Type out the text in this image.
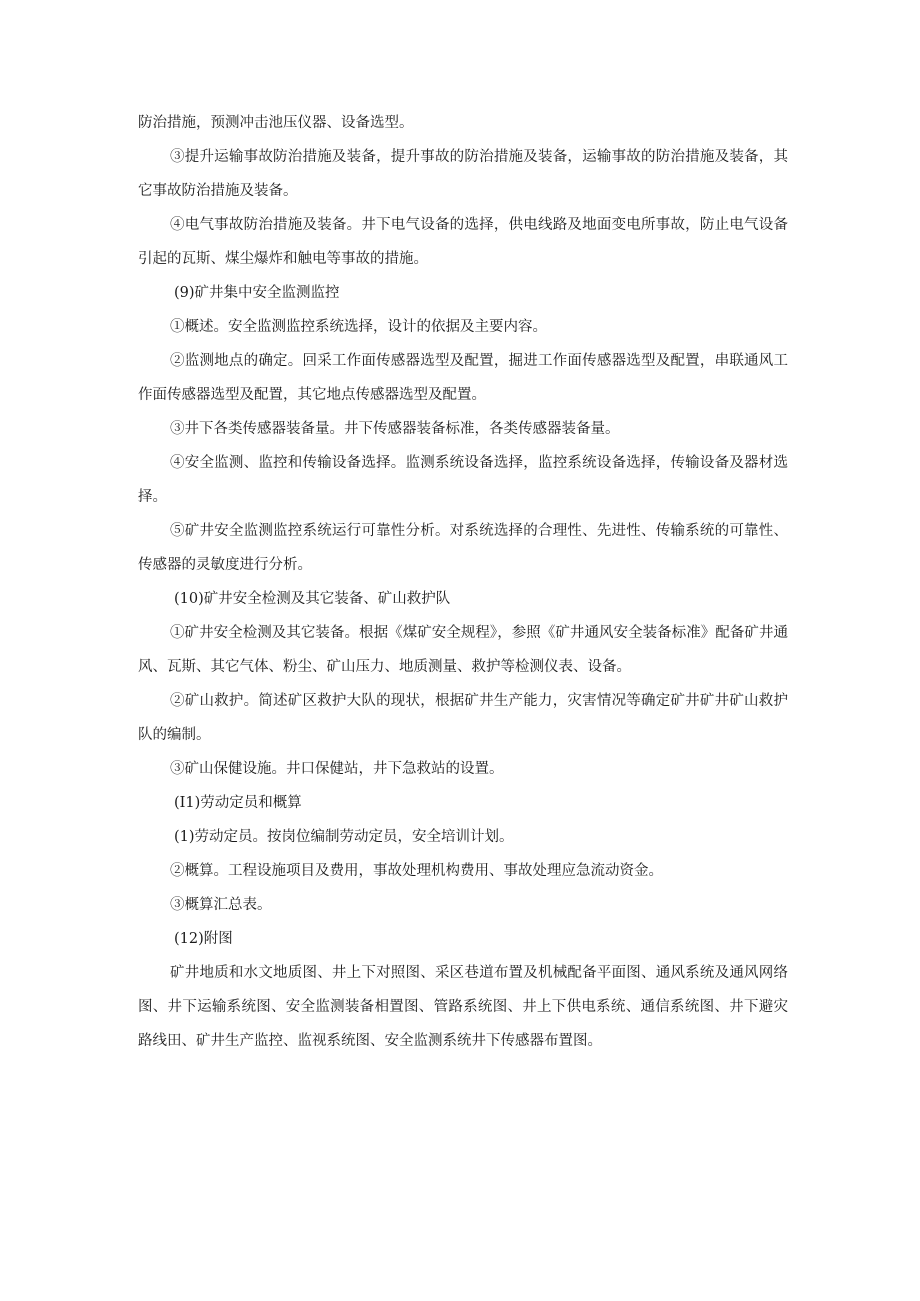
防治措施，预测冲击池压仪器、设备选型。

③提升运输事故防治措施及装备，提升事故的防治措施及装备，运输事故的防治措施及装备，其它事故防治措施及装备。

④电气事故防治措施及装备。井下电气设备的选择，供电线路及地面变电所事故，防止电气设备引起的瓦斯、煤尘爆炸和触电等事故的措施。

(9)矿井集中安全监测监控

①概述。安全监测监控系统选择，设计的依据及主要内容。

②监测地点的确定。回采工作面传感器选型及配置，掘进工作面传感器选型及配置，串联通风工作面传感器选型及配置，其它地点传感器选型及配置。

③井下各类传感器装备量。井下传感器装备标准，各类传感器装备量。

④安全监测、监控和传输设备选择。监测系统设备选择，监控系统设备选择，传输设备及器材选择。

⑤矿井安全监测监控系统运行可靠性分析。对系统选择的合理性、先进性、传输系统的可靠性、传感器的灵敏度进行分析。

(10)矿井安全检测及其它装备、矿山救护队

①矿井安全检测及其它装备。根据《煤矿安全规程》，参照《矿井通风安全装备标准》配备矿井通风、瓦斯、其它气体、粉尘、矿山压力、地质测量、救护等检测仪表、设备。

②矿山救护。简述矿区救护大队的现状，根据矿井生产能力，灾害情况等确定矿井矿井矿山救护队的编制。

③矿山保健设施。井口保健站，井下急救站的设置。

(I1)劳动定员和概算

(1)劳动定员。按岗位编制劳动定员，安全培训计划。

②概算。工程设施项目及费用，事故处理机构费用、事故处理应急流动资金。

③概算汇总表。

(12)附图

矿井地质和水文地质图、井上下对照图、采区巷道布置及机械配备平面图、通风系统及通风网络图、井下运输系统图、安全监测装备相置图、管路系统图、井上下供电系统、通信系统图、井下避灾路线田、矿井生产监控、监视系统图、安全监测系统井下传感器布置图。
